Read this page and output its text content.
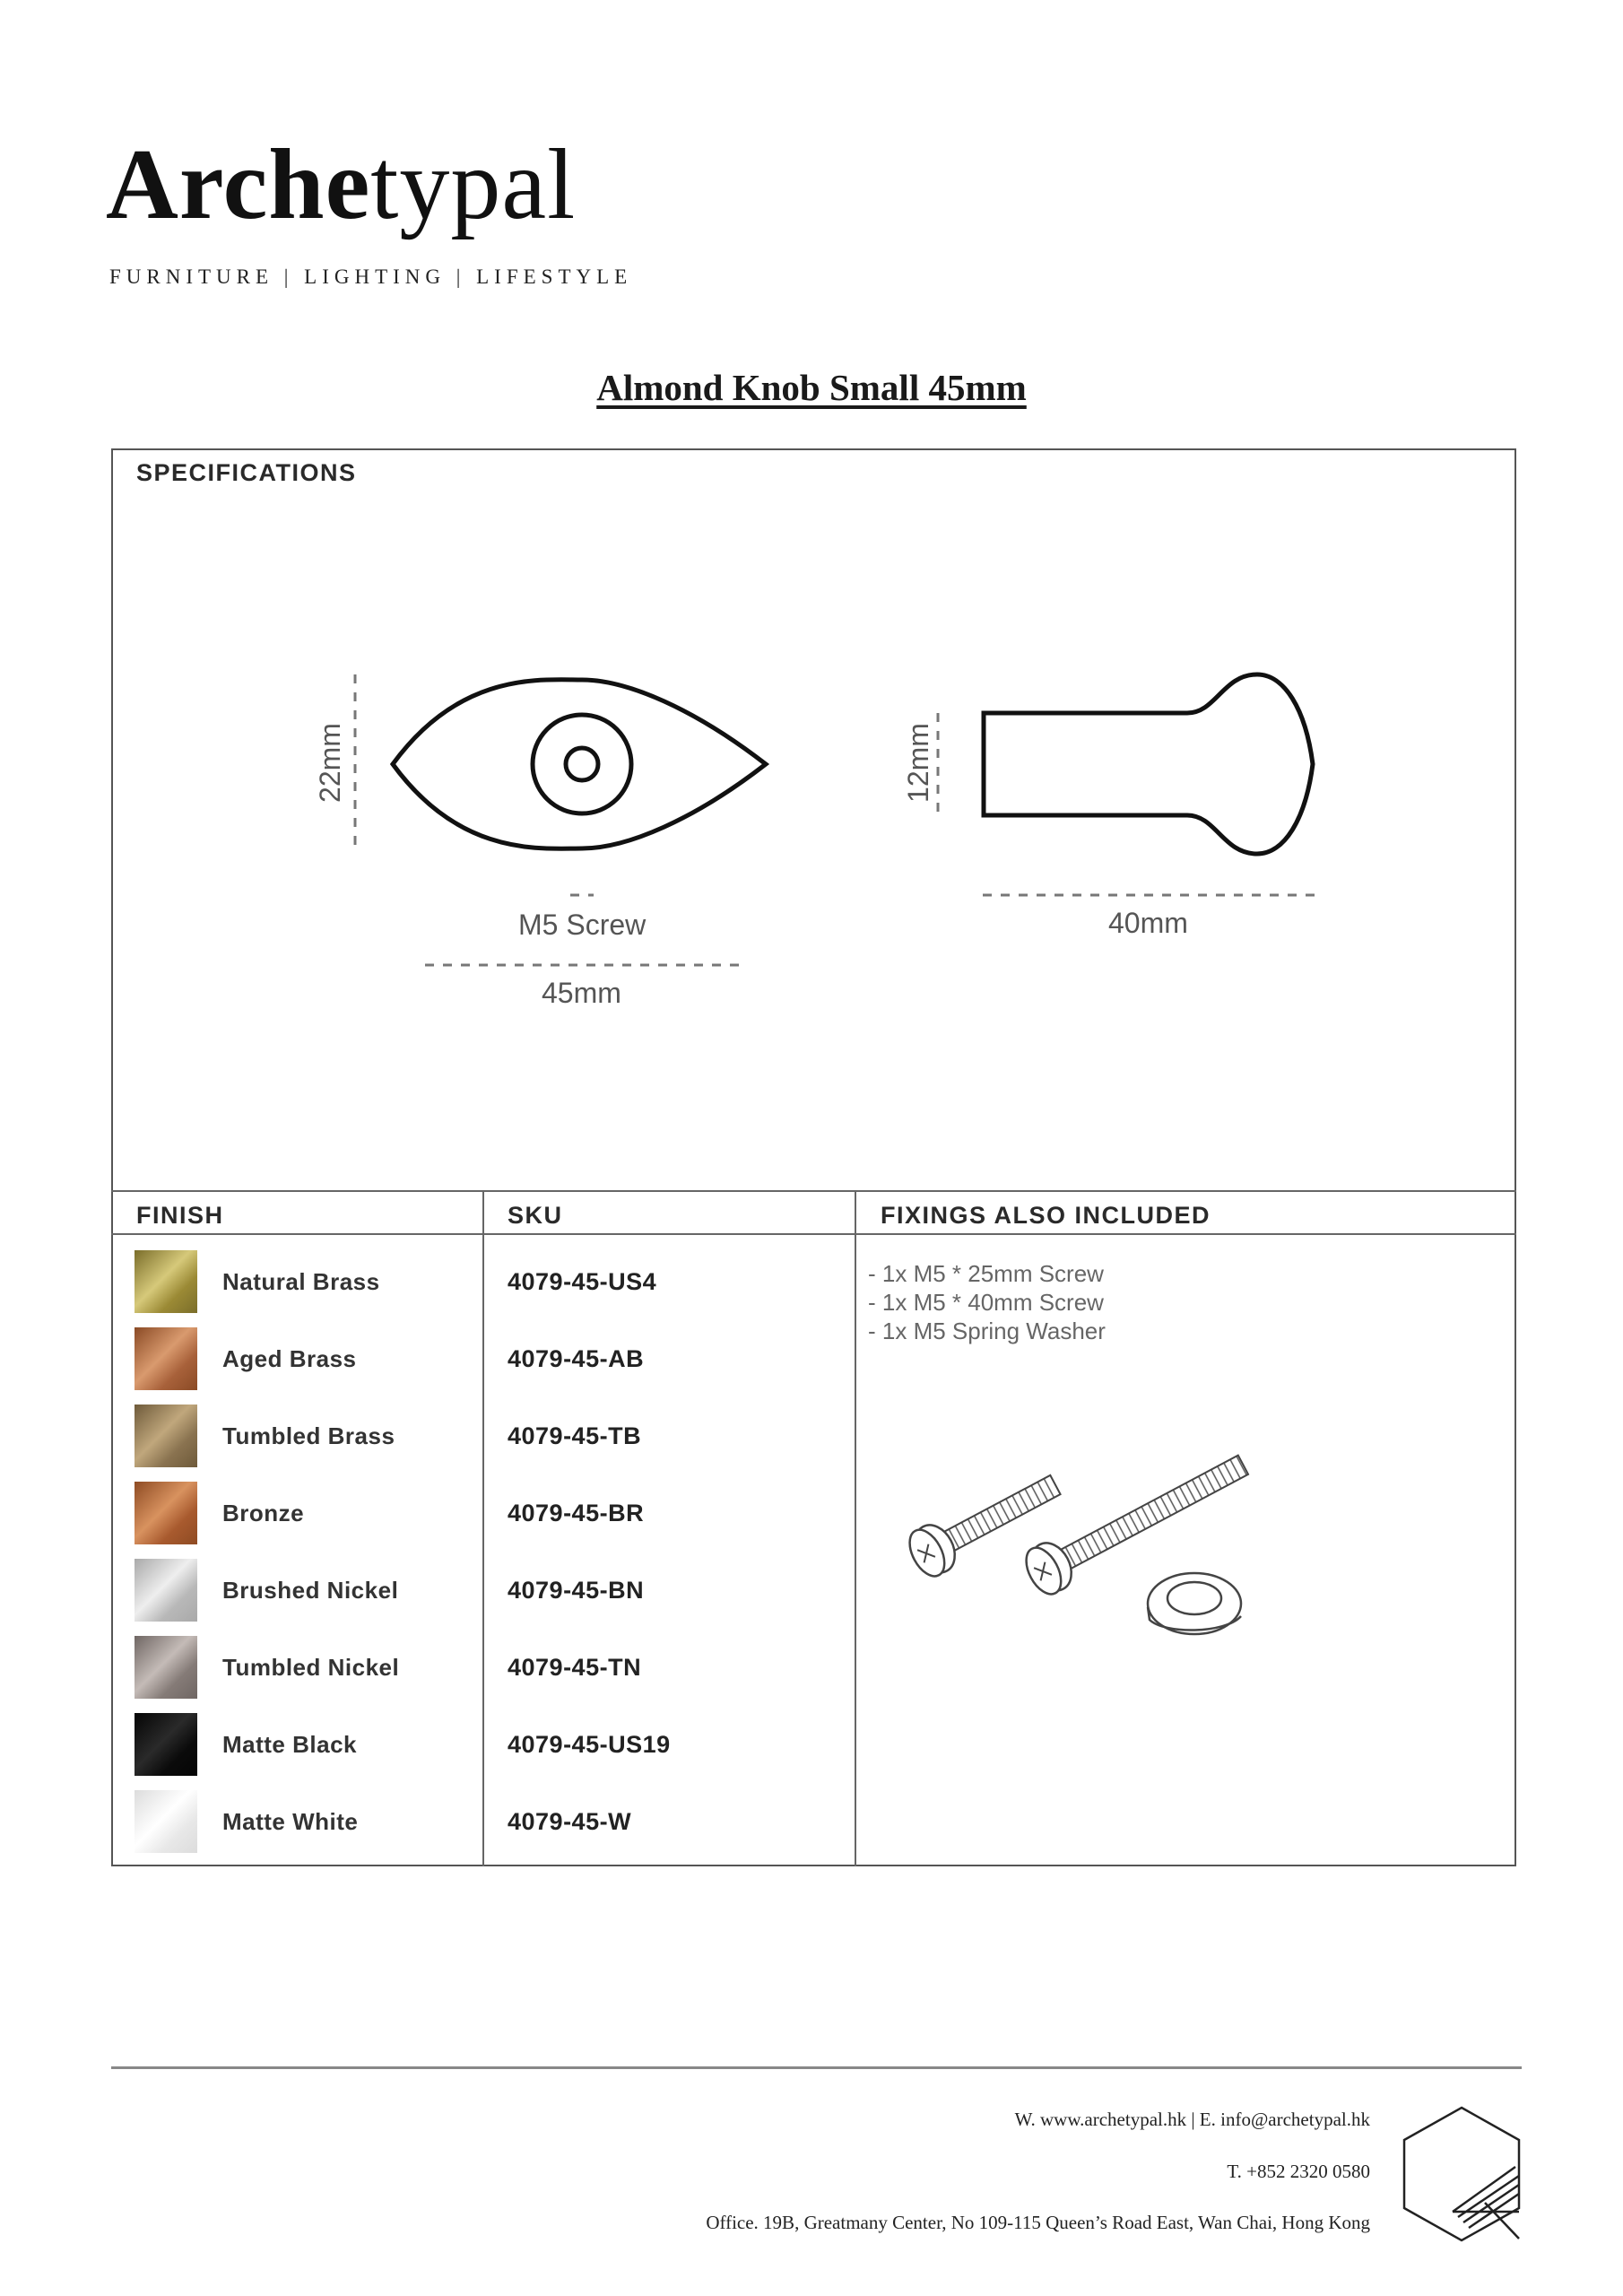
Archetypal
FURNITURE | LIGHTING | LIFESTYLE
Almond Knob Small 45mm
SPECIFICATIONS
22mm
M5 Screw
45mm
12mm
40mm
FINISH	SKU	FIXINGS ALSO INCLUDED
Natural Brass
Aged Brass
Tumbled Brass
Bronze
Brushed Nickel
Tumbled Nickel
Matte Black
Matte White
4079-45-US4
4079-45-AB
4079-45-TB
4079-45-BR
4079-45-BN
4079-45-TN
4079-45-US19
4079-45-W
- 1x M5 * 25mm Screw
- 1x M5 * 40mm Screw
- 1x M5 Spring Washer
W. www.archetypal.hk | E. info@archetypal.hk
T. +852 2320 0580
Office. 19B, Greatmany Center, No 109-115 Queen’s Road East, Wan Chai, Hong Kong
